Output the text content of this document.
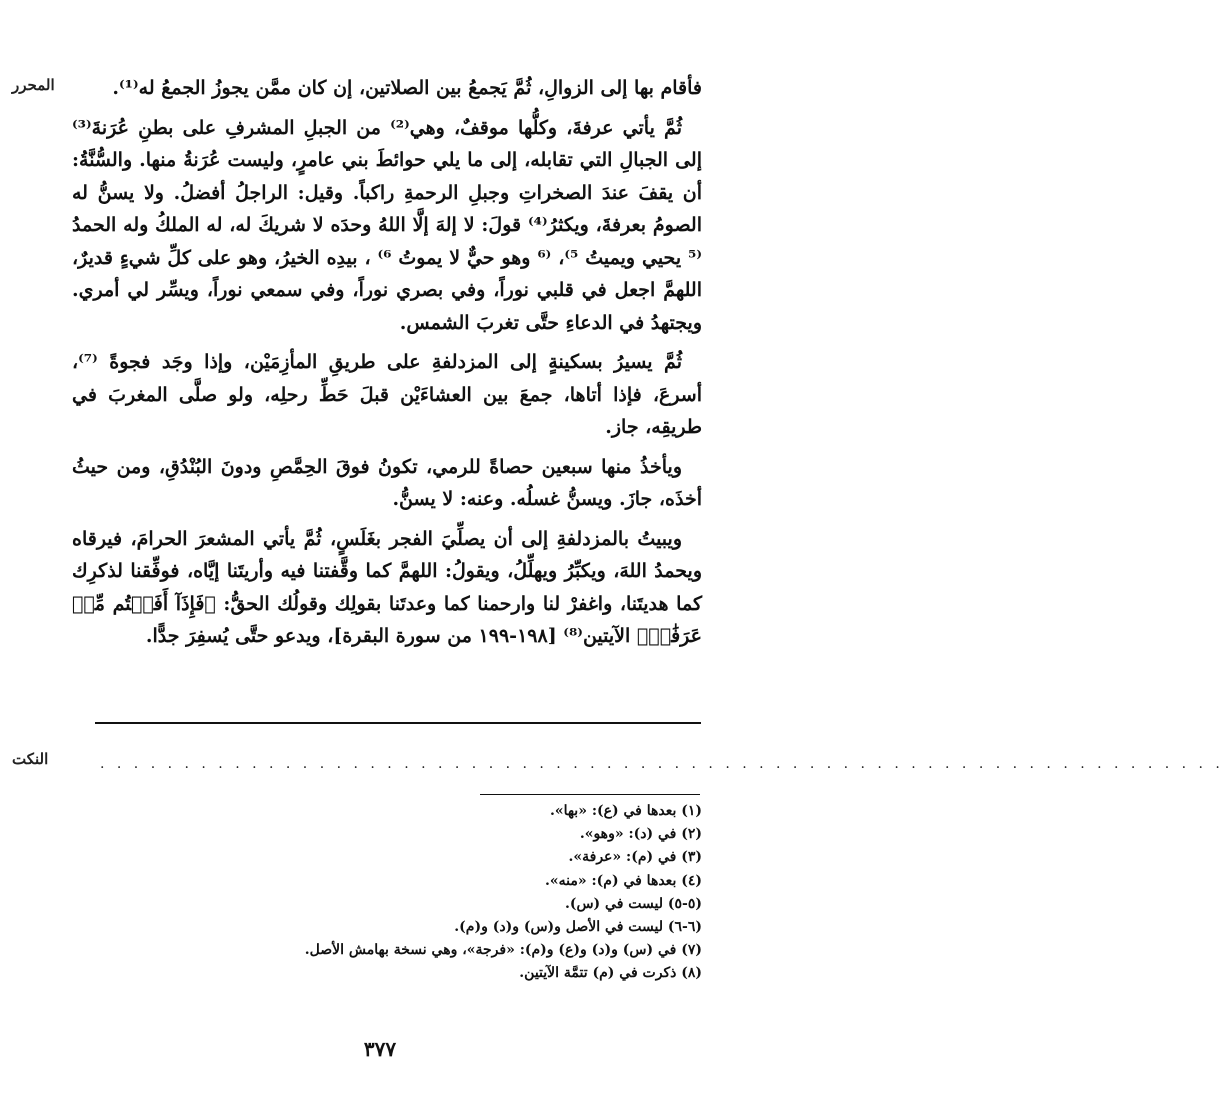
المحرر	فأقام بها إلى الزوالِ، ثُمَّ يَجمعُ بين الصلاتين، إن كان ممَّن يجوزُ الجمعُ له⁽¹⁾.

ثُمَّ يأتي عرفةَ، وكلُّها موقفٌ، وهي⁽²⁾ من الجبلِ المشرفِ على بطنِ عُرَنةَ⁽³⁾ إلى الجبالِ التي تقابله، إلى ما يلي حوائطَ بني عامرٍ، وليست عُرَنةُ منها. والسُّنَّةُ: أن يقفَ عندَ الصخراتِ وجبلِ الرحمةِ راكباً. وقيل: الراجلُ أفضلُ. ولا يسنُّ له الصومُ بعرفةَ، ويكثرُ⁽⁴⁾ قولَ: لا إلهَ إلَّا اللهُ وحدَه لا شريكَ له، له الملكُ وله الحمدُ ⁽⁵ يحيي ويميتُ ⁵⁾، ⁽⁶ وهو حيٌّ لا يموتُ ⁶⁾ ، بيدِه الخيرُ، وهو على كلِّ شيءٍ قديرٌ، اللهمَّ اجعل في قلبي نوراً، وفي بصري نوراً، وفي سمعي نوراً، ويسِّر لي أمري. ويجتهدُ في الدعاءِ حتَّى تغربَ الشمس.

ثُمَّ يسيرُ بسكينةٍ إلى المزدلفةِ على طريقِ المأزِمَيْن، وإذا وجَد فجوةً ⁽⁷⁾، أسرعَ، فإذا أتاها، جمعَ بين العشاءَيْن قبلَ حَطِّ رحلِه، ولو صلَّى المغربَ في طريقِه، جاز.

ويأخذُ منها سبعين حصاةً للرمي، تكونُ فوقَ الحِمَّصِ ودونَ البُنْدُقِ، ومن حيثُ أخذَه، جازَ. ويسنُّ غسلُه. وعنه: لا يسنُّ.

ويبيتُ بالمزدلفةِ إلى أن يصلِّيَ الفجر بغَلَسٍ، ثُمَّ يأتي المشعرَ الحرامَ، فيرقاه ويحمدُ اللهَ، ويكبِّرُ ويهلِّلُ، ويقولُ: اللهمَّ كما وقَّفتنا فيه وأريتَنا إيَّاه، فوفِّقنا لذكرِك كما هديتَنا، واغفرْ لنا وارحمنا كما وعدتَنا بقولِك وقولُك الحقُّ: ﴿فَإِذَآ أَفَضۡتُم مِّنۡ عَرَفَٰتٖ﴾ الآيتين⁽⁸⁾ [١٩٨-١٩٩ من سورة البقرة]، ويدعو حتَّى يُسفِرَ جدًّا.

النكت	. . . . . . . . . . . . . . . . . . . . . . . . . . . . . . . . . . . . . . . . . . . . . . . . . . . . . . . . . . . . . . . . . . .
(١) بعدها في (ع): «بها».
(٢) في (د): «وهو».
(٣) في (م): «عرفة».
(٤) بعدها في (م): «منه».
(٥-٥) ليست في (س).
(٦-٦) ليست في الأصل و(س) و(د) و(م).
(٧) في (س) و(د) و(ع) و(م): «فرجة»، وهي نسخة بهامش الأصل.
(٨) ذكرت في (م) تتمَّة الآيتين.
٣٧٧
